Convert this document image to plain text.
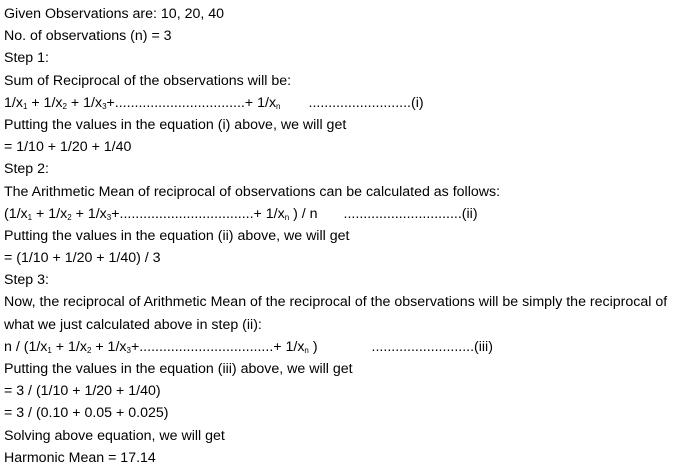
Given Observations are: 10, 20, 40
No. of observations (n) = 3
Step 1:
Sum of Reciprocal of the observations will be:
$1/x_1 + 1/x_2 + 1/x_3+.................................+ 1/x_n$ ..........................(i)
Putting the values in the equation (i) above, we will get
= 1/10 + 1/20 + 1/40
Step 2:
The Arithmetic Mean of reciprocal of observations can be calculated as follows:
($1/x_1 + 1/x_2 + 1/x_3+..................................+ 1/x_n$ ) / n ..............................(ii)
Putting the values in the equation (ii) above, we will get
= (1/10 + 1/20 + 1/40) / 3
Step 3:
Now, the reciprocal of Arithmetic Mean of the reciprocal of the observations will be simply the reciprocal of what we just calculated above in step (ii):
$n / (1/x_1 + 1/x_2 + 1/x_3+..................................+ 1/x_n$ )	..........................(iii)
Putting the values in the equation (iii) above, we will get
= 3 / (1/10 + 1/20 + 1/40)
= 3 / (0.10 + 0.05 + 0.025)
Solving above equation, we will get
Harmonic Mean = 17.14
